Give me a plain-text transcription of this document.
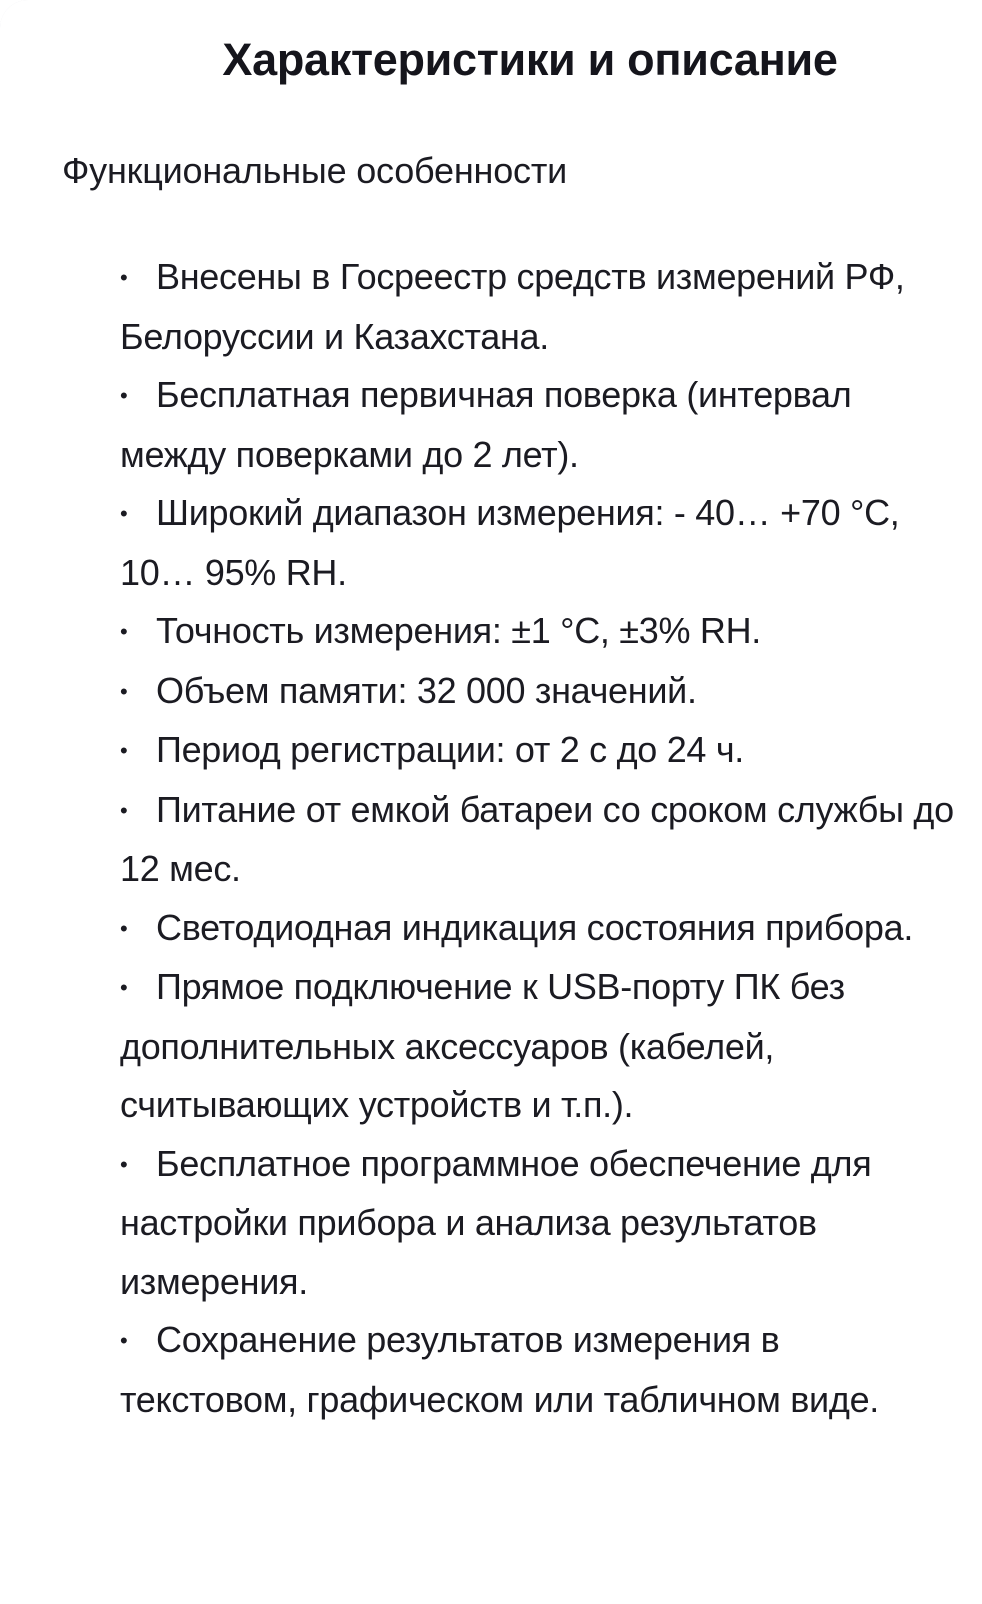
Характеристики и описание
Функциональные особенности
• Внесены в Госреестр средств измерений РФ, Белоруссии и Казахстана.
• Бесплатная первичная поверка (интервал между поверками до 2 лет).
• Широкий диапазон измерения: - 40… +70 °C, 10… 95% RH.
• Точность измерения: ±1 °C, ±3% RH.
• Объем памяти: 32 000 значений.
• Период регистрации: от 2 с до 24 ч.
• Питание от емкой батареи со сроком службы до 12 мес.
• Светодиодная индикация состояния прибора.
• Прямое подключение к USB-порту ПК без дополнительных аксессуаров (кабелей, считывающих устройств и т.п.).
• Бесплатное программное обеспечение для настройки прибора и анализа результатов измерения.
• Сохранение результатов измерения в текстовом, графическом или табличном виде.
